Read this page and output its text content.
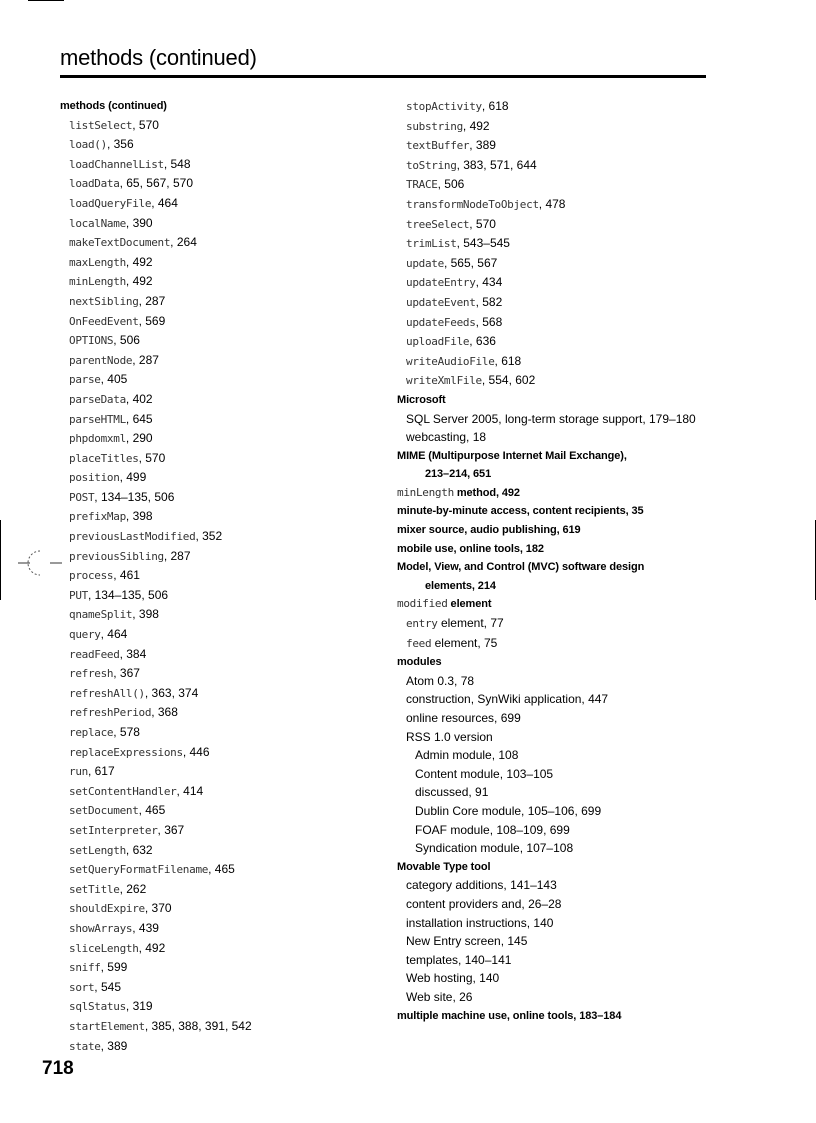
methods (continued)
methods (continued)
listSelect, 570
load(), 356
loadChannelList, 548
loadData, 65, 567, 570
loadQueryFile, 464
localName, 390
makeTextDocument, 264
maxLength, 492
minLength, 492
nextSibling, 287
OnFeedEvent, 569
OPTIONS, 506
parentNode, 287
parse, 405
parseData, 402
parseHTML, 645
phpdomxml, 290
placeTitles, 570
position, 499
POST, 134–135, 506
prefixMap, 398
previousLastModified, 352
previousSibling, 287
process, 461
PUT, 134–135, 506
qnameSplit, 398
query, 464
readFeed, 384
refresh, 367
refreshAll(), 363, 374
refreshPeriod, 368
replace, 578
replaceExpressions, 446
run, 617
setContentHandler, 414
setDocument, 465
setInterpreter, 367
setLength, 632
setQueryFormatFilename, 465
setTitle, 262
shouldExpire, 370
showArrays, 439
sliceLength, 492
sniff, 599
sort, 545
sqlStatus, 319
startElement, 385, 388, 391, 542
state, 389
stopActivity, 618
substring, 492
textBuffer, 389
toString, 383, 571, 644
TRACE, 506
transformNodeToObject, 478
treeSelect, 570
trimList, 543–545
update, 565, 567
updateEntry, 434
updateEvent, 582
updateFeeds, 568
uploadFile, 636
writeAudioFile, 618
writeXmlFile, 554, 602
Microsoft
SQL Server 2005, long-term storage support, 179–180
webcasting, 18
MIME (Multipurpose Internet Mail Exchange),
213–214, 651
minLength method, 492
minute-by-minute access, content recipients, 35
mixer source, audio publishing, 619
mobile use, online tools, 182
Model, View, and Control (MVC) software design
elements, 214
modified element
entry element, 77
feed element, 75
modules
Atom 0.3, 78
construction, SynWiki application, 447
online resources, 699
RSS 1.0 version
Admin module, 108
Content module, 103–105
discussed, 91
Dublin Core module, 105–106, 699
FOAF module, 108–109, 699
Syndication module, 107–108
Movable Type tool
category additions, 141–143
content providers and, 26–28
installation instructions, 140
New Entry screen, 145
templates, 140–141
Web hosting, 140
Web site, 26
multiple machine use, online tools, 183–184
718
